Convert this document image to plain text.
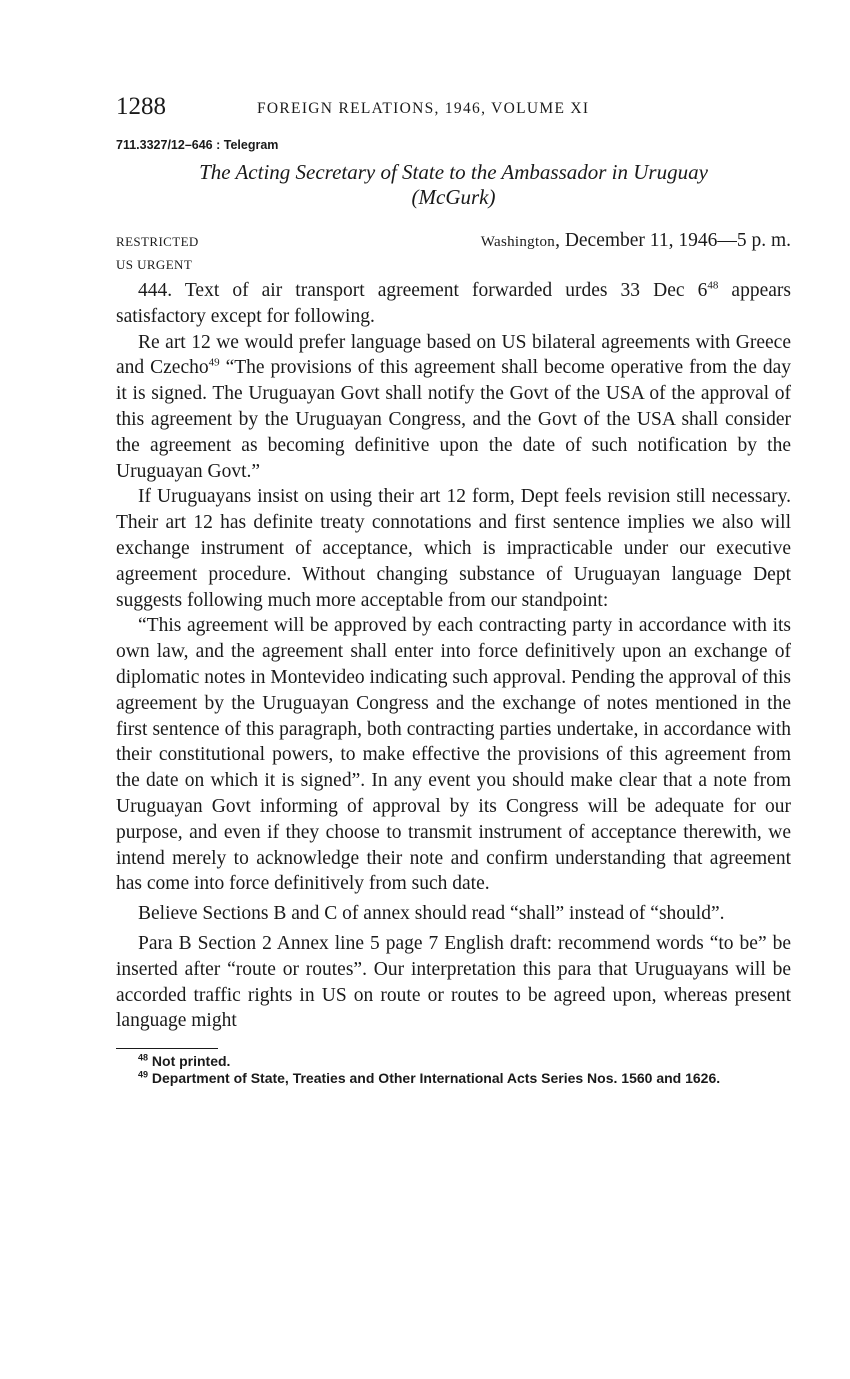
1288	FOREIGN RELATIONS, 1946, VOLUME XI
711.3327/12–646 : Telegram
The Acting Secretary of State to the Ambassador in Uruguay
(McGurk)
RESTRICTED	Washington, December 11, 1946—5 p. m.
US URGENT

444. Text of air transport agreement forwarded urdes 33 Dec $6^{48}$ appears satisfactory except for following.

Re art 12 we would prefer language based on US bilateral agreements with Greece and Czecho$^{49}$ “The provisions of this agreement shall become operative from the day it is signed. The Uruguayan Govt shall notify the Govt of the USA of the approval of this agreement by the Uruguayan Congress, and the Govt of the USA shall consider the agreement as becoming definitive upon the date of such notification by the Uruguayan Govt.”

If Uruguayans insist on using their art 12 form, Dept feels revision still necessary. Their art 12 has definite treaty connotations and first sentence implies we also will exchange instrument of acceptance, which is impracticable under our executive agreement procedure. Without changing substance of Uruguayan language Dept suggests following much more acceptable from our standpoint:

“This agreement will be approved by each contracting party in accordance with its own law, and the agreement shall enter into force definitively upon an exchange of diplomatic notes in Montevideo indicating such approval. Pending the approval of this agreement by the Uruguayan Congress and the exchange of notes mentioned in the first sentence of this paragraph, both contracting parties undertake, in accordance with their constitutional powers, to make effective the provisions of this agreement from the date on which it is signed”. In any event you should make clear that a note from Uruguayan Govt informing of approval by its Congress will be adequate for our purpose, and even if they choose to transmit instrument of acceptance therewith, we intend merely to acknowledge their note and confirm understanding that agreement has come into force definitively from such date.

Believe Sections B and C of annex should read “shall” instead of “should”.

Para B Section 2 Annex line 5 page 7 English draft: recommend words “to be” be inserted after “route or routes”. Our interpretation this para that Uruguayans will be accorded traffic rights in US on route or routes to be agreed upon, whereas present language might

$^{48}$ Not printed.
$^{49}$ Department of State, Treaties and Other International Acts Series Nos. 1560 and 1626.
